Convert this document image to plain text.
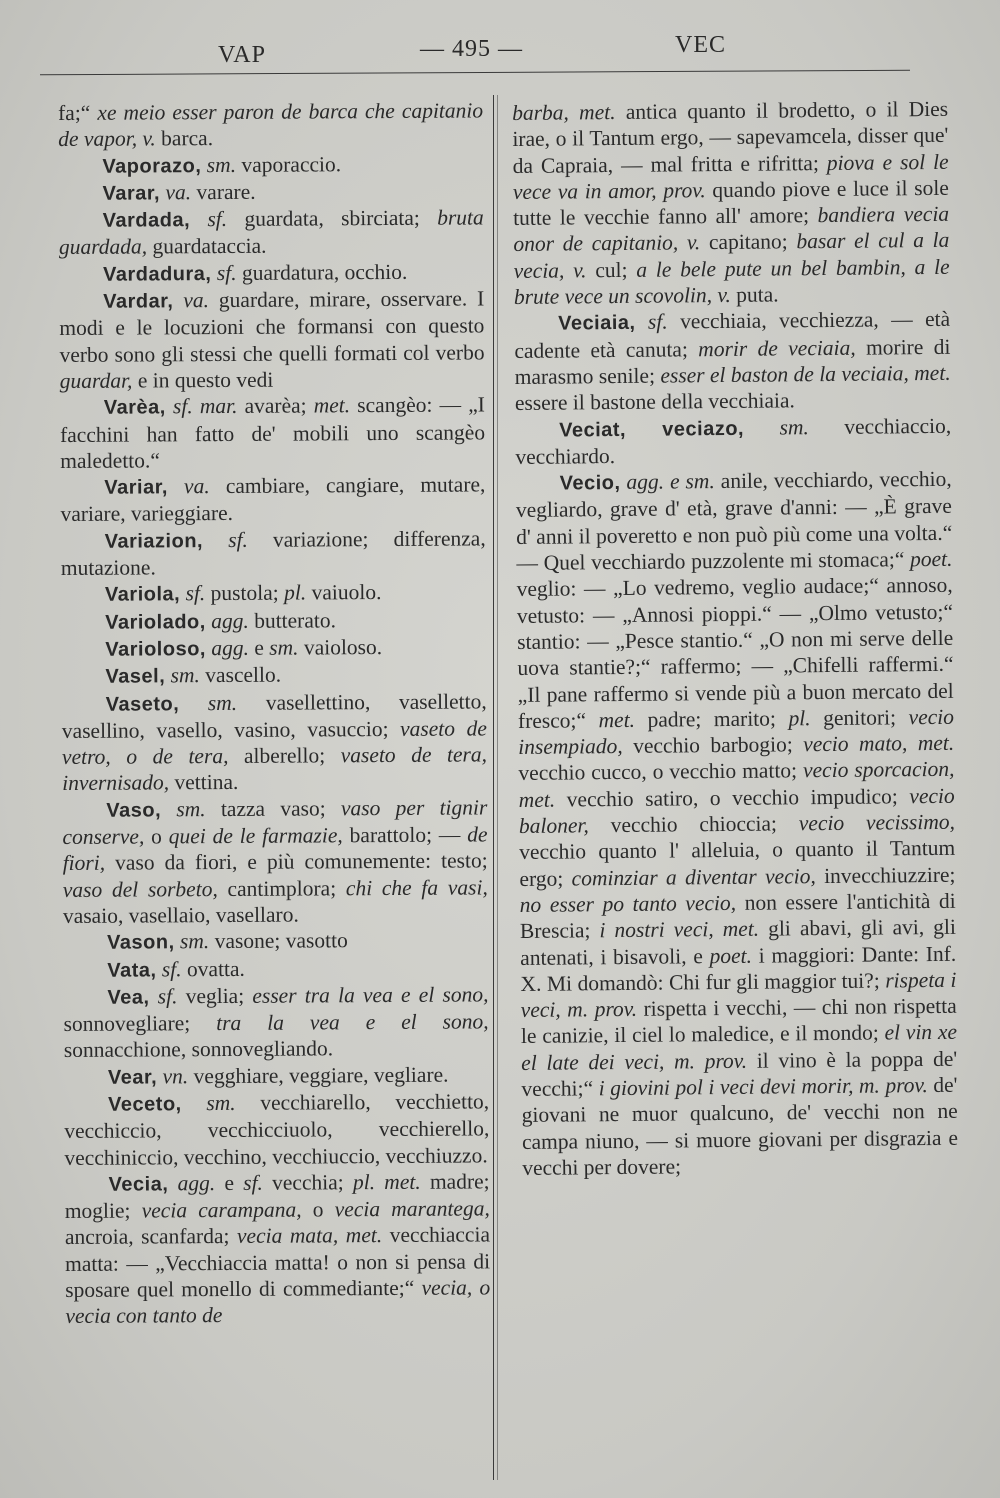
VAP	— 495 —	VEC

fa;“ xe meio esser paron de barca che capitanio de vapor, v. barca.

Vaporazo, sm. vaporaccio.

Varar, va. varare.

Vardada, sf. guardata, sbirciata; bruta guardada, guardataccia.

Vardadura, sf. guardatura, occhio.

Vardar, va. guardare, mirare, osservare. I modi e le locuzioni che formansi con questo verbo sono gli stessi che quelli formati col verbo guardar, e in questo vedi

Varèa, sf. mar. avarèa; met. scangèo: — „I facchini han fatto de' mobili uno scangèo maledetto.“

Variar, va. cambiare, cangiare, mutare, variare, varieggiare.

Variazion, sf. variazione; differenza, mutazione.

Variola, sf. pustola; pl. vaiuolo.

Variolado, agg. butterato.

Varioloso, agg. e sm. vaioloso.

Vasel, sm. vascello.

Vaseto, sm. vasellettino, vaselletto, vasellino, vasello, vasino, vasuccio; vaseto de vetro, o de tera, alberello; vaseto de tera, invernisado, vettina.

Vaso, sm. tazza vaso; vaso per tignir conserve, o quei de le farmazie, barattolo; — de fiori, vaso da fiori, e più comunemente: testo; vaso del sorbeto, cantimplora; chi che fa vasi, vasaio, vasellaio, vasellaro.

Vason, sm. vasone; vasotto

Vata, sf. ovatta.

Vea, sf. veglia; esser tra la vea e el sono, sonnovegliare; tra la vea e el sono, sonnacchione, sonnovegliando.

Vear, vn. vegghiare, veggiare, vegliare.

Veceto, sm. vecchiarello, vecchietto, vecchiccio, vecchicciuolo, vecchierello, vecchiniccio, vecchino, vecchiuccio, vecchiuzzo.

Vecia, agg. e sf. vecchia; pl. met. madre; moglie; vecia carampana, o vecia marantega, ancroia, scanfarda; vecia mata, met. vecchiaccia matta: — „Vecchiaccia matta! o non si pensa di sposare quel monello di commediante;“ vecia, o vecia con tanto de

barba, met. antica quanto il brodetto, o il Dies irae, o il Tantum ergo, — sapevamcela, disser que' da Capraia, — mal fritta e rifritta; piova e sol le vece va in amor, prov. quando piove e luce il sole tutte le vecchie fanno all' amore; bandiera vecia onor de capitanio, v. capitano; basar el cul a la vecia, v. cul; a le bele pute un bel bambin, a le brute vece un scovolin, v. puta.

Veciaia, sf. vecchiaia, vecchiezza, — età cadente età canuta; morir de veciaia, morire di marasmo senile; esser el baston de la veciaia, met. essere il bastone della vecchiaia.

Veciat, veciazo, sm. vecchiaccio, vecchiardo.

Vecio, agg. e sm. anile, vecchiardo, vecchio, vegliardo, grave d' età, grave d'anni: — „È grave d' anni il poveretto e non può più come una volta.“ — Quel vecchiardo puzzolente mi stomaca;“ poet. veglio: — „Lo vedremo, veglio audace;“ annoso, vetusto: — „Annosi pioppi.“ — „Olmo vetusto;“ stantio: — „Pesce stantio.“ „O non mi serve delle uova stantie?;“ raffermo; — „Chifelli raffermi.“ „Il pane raffermo si vende più a buon mercato del fresco;“ met. padre; marito; pl. genitori; vecio insempiado, vecchio barbogio; vecio mato, met. vecchio cucco, o vecchio matto; vecio sporcacion, met. vecchio satiro, o vecchio impudico; vecio baloner, vecchio chioccia; vecio vecissimo, vecchio quanto l' alleluia, o quanto il Tantum ergo; cominziar a diventar vecio, invecchiuzzire; no esser po tanto vecio, non essere l'antichità di Brescia; i nostri veci, met. gli abavi, gli avi, gli antenati, i bisavoli, e poet. i maggiori: Dante: Inf. X. Mi domandò: Chi fur gli maggior tui?; rispeta i veci, m. prov. rispetta i vecchi, — chi non rispetta le canizie, il ciel lo maledice, e il mondo; el vin xe el late dei veci, m. prov. il vino è la poppa de' vecchi;“ i giovini pol i veci devi morir, m. prov. de' giovani ne muor qualcuno, de' vecchi non ne campa niuno, — si muore giovani per disgrazia e vecchi per dovere;
